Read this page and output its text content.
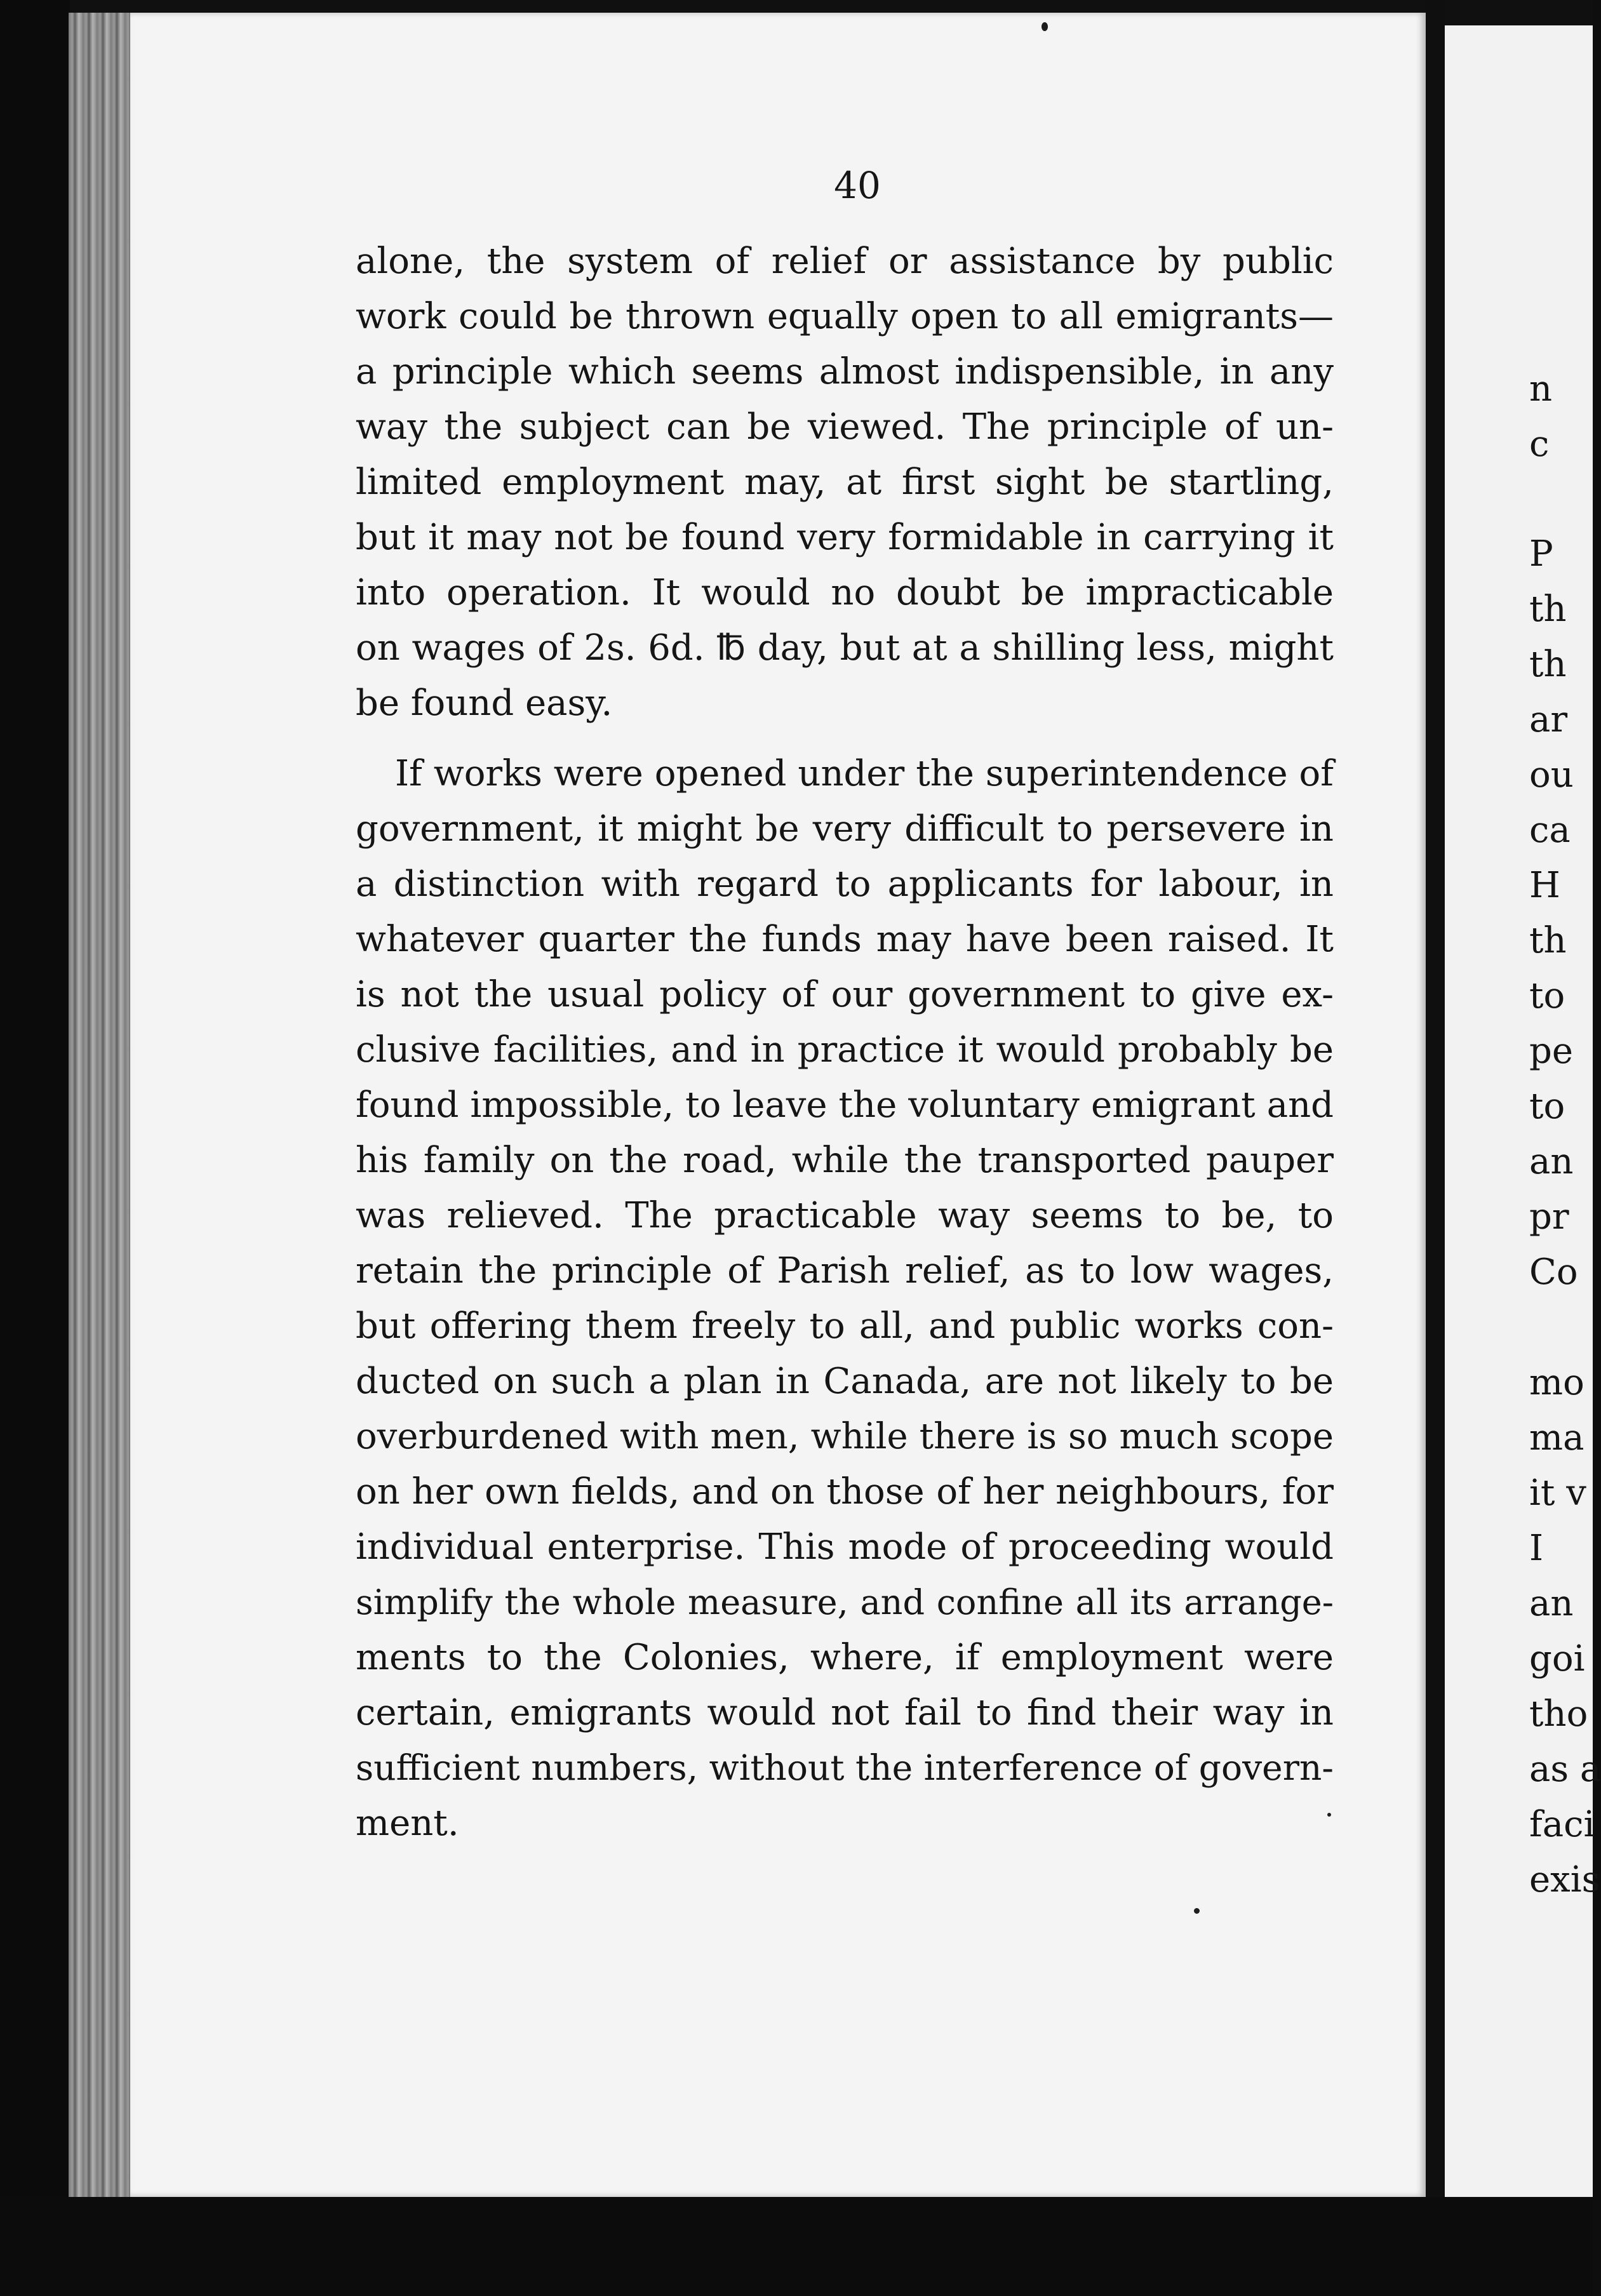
40

alone, the system of relief or assistance by public
work could be thrown equally open to all emigrants—
a principle which seems almost indispensible, in any
way the subject can be viewed. The principle of un-
limited employment may, at first sight be startling,
but it may not be found very formidable in carrying it
into operation. It would no doubt be impracticable
on wages of 2s. 6d. ℔ day, but at a shilling less, might
be found easy.

If works were opened under the superintendence of
government, it might be very difficult to persevere in
a distinction with regard to applicants for labour, in
whatever quarter the funds may have been raised. It
is not the usual policy of our government to give ex-
clusive facilities, and in practice it would probably be
found impossible, to leave the voluntary emigrant and
his family on the road, while the transported pauper
was relieved. The practicable way seems to be, to
retain the principle of Parish relief, as to low wages,
but offering them freely to all, and public works con-
ducted on such a plan in Canada, are not likely to be
overburdened with men, while there is so much scope
on her own fields, and on those of her neighbours, for
individual enterprise. This mode of proceeding would
simplify the whole measure, and confine all its arrange-
ments to the Colonies, where, if employment were
certain, emigrants would not fail to find their way in
sufficient numbers, without the interference of govern-
ment.

n
c
P
th
th
ar
ou
ca
H
th
to
pe
to
an
pr
Co
mo
ma
it v
I
an
goi
tho
as a
faci
exis
